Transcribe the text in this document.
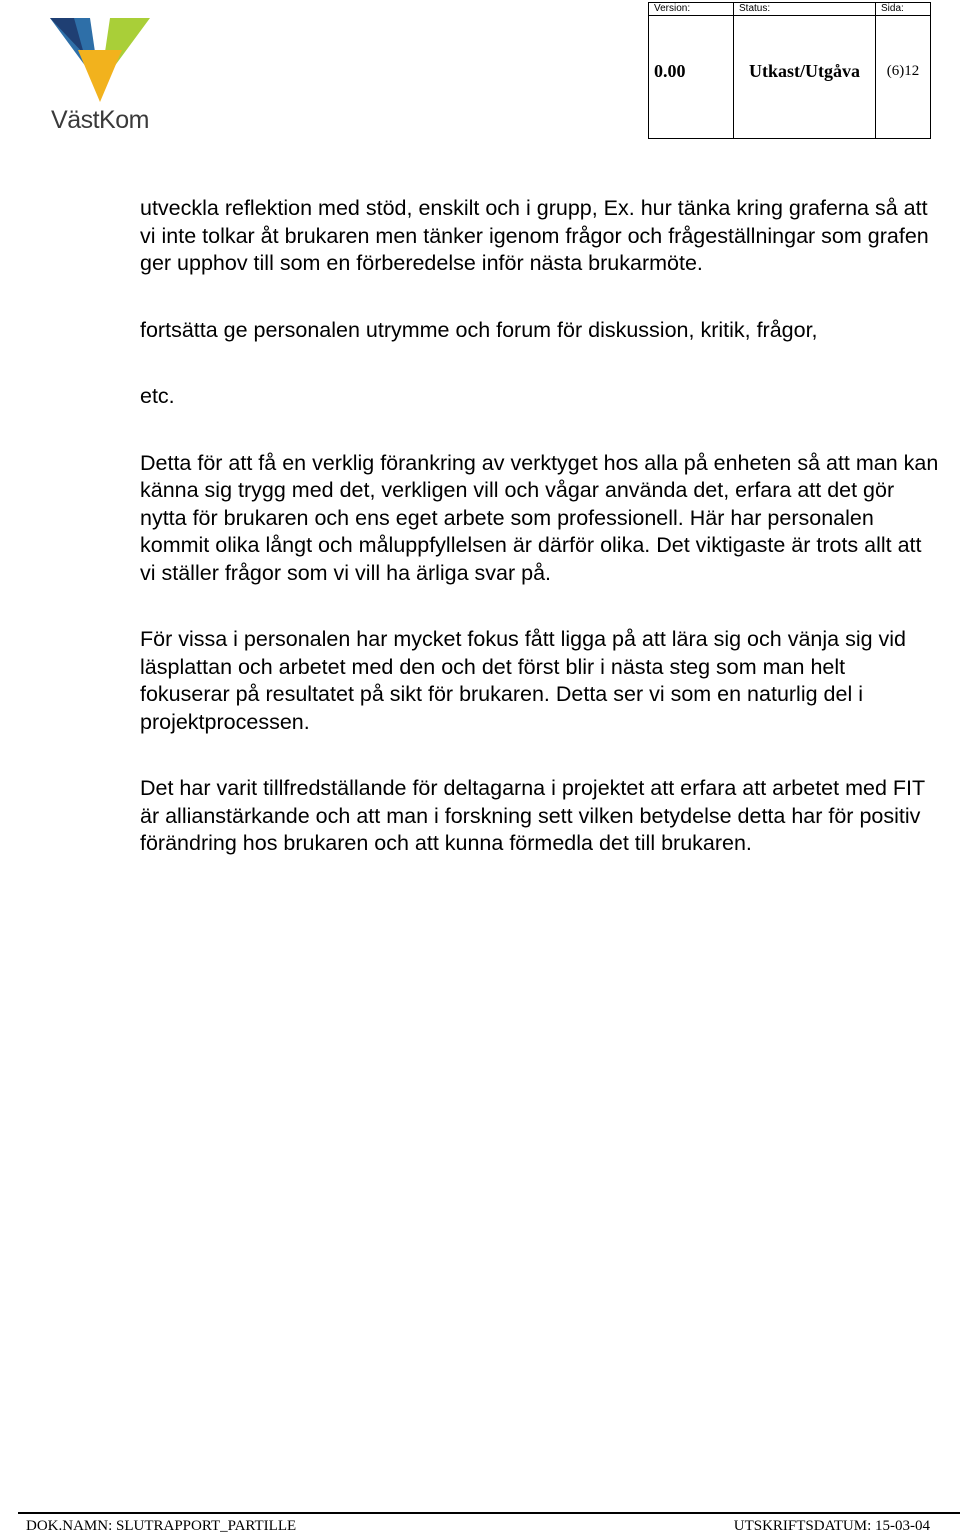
VästKom
Version:	Status:	Sida:
0.00	Utkast/Utgåva	(6)12

utveckla reflektion med stöd, enskilt och i grupp, Ex. hur tänka kring graferna så att vi inte tolkar åt brukaren men tänker igenom frågor och frågeställningar som grafen ger upphov till som en förberedelse inför nästa brukarmöte.

fortsätta ge personalen utrymme och forum för diskussion, kritik, frågor,

etc.

Detta för att få en verklig förankring av verktyget hos alla på enheten så att man kan känna sig trygg med det, verkligen vill och vågar använda det, erfara att det gör nytta för brukaren och ens eget arbete som professionell. Här har personalen kommit olika långt och måluppfyllelsen är därför olika. Det viktigaste är trots allt att vi ställer frågor som vi vill ha ärliga svar på.

För vissa i personalen har mycket fokus fått ligga på att lära sig och vänja sig vid läsplattan och arbetet med den och det först blir i nästa steg som man helt fokuserar på resultatet på sikt för brukaren. Detta ser vi som en naturlig del i projektprocessen.

Det har varit tillfredställande för deltagarna i projektet att erfara att arbetet med FIT är allianstärkande och att man i forskning sett vilken betydelse detta har för positiv förändring hos brukaren och att kunna förmedla det till brukaren.

DOK.NAMN: SLUTRAPPORT_PARTILLE	UTSKRIFTSDATUM: 15-03-04
